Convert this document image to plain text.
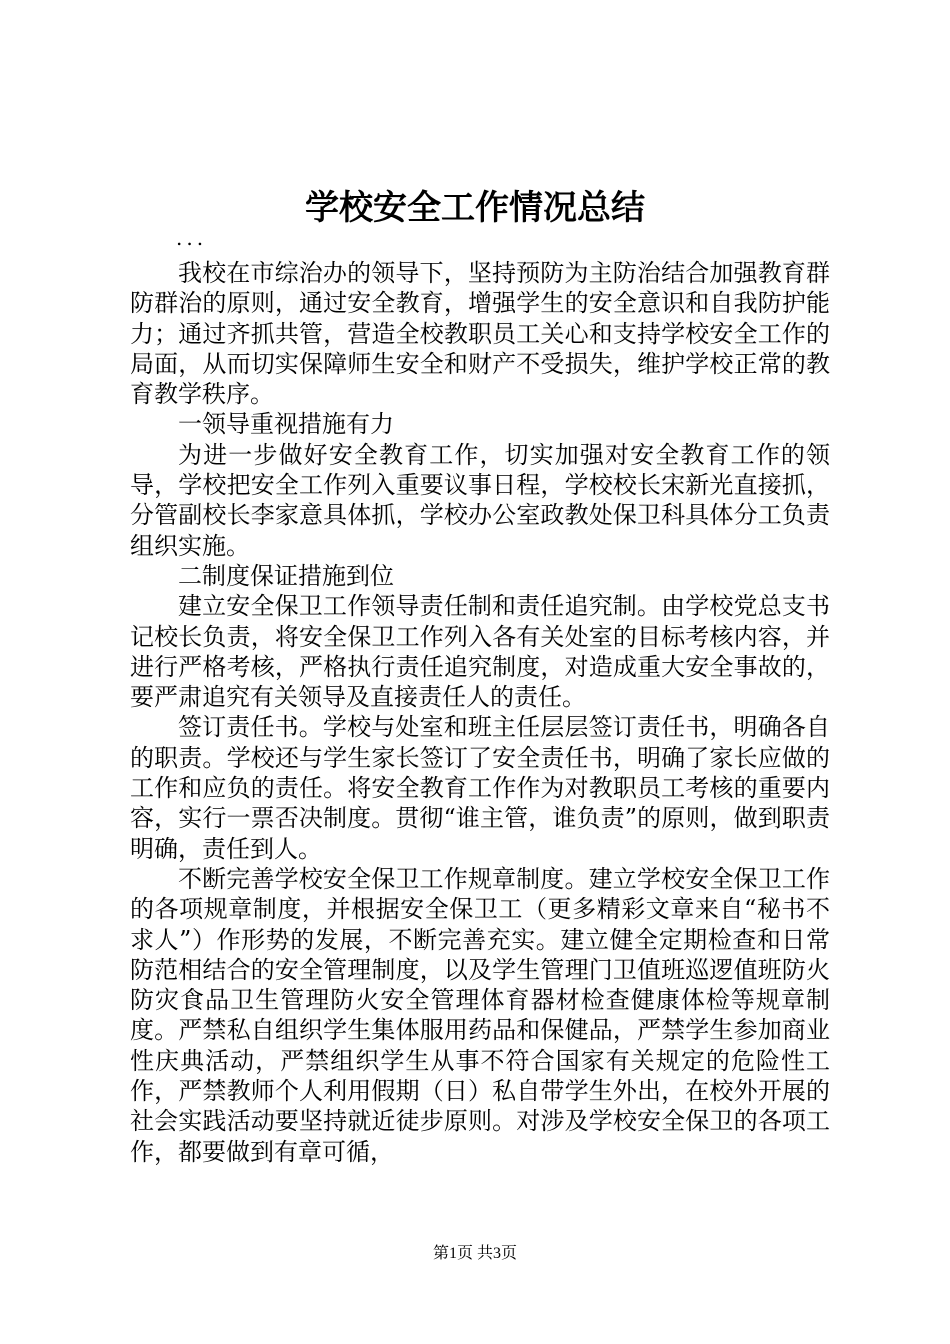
学校安全工作情况总结
...

我校在市综治办的领导下，坚持预防为主防治结合加强教育群防群治的原则，通过安全教育，增强学生的安全意识和自我防护能力；通过齐抓共管，营造全校教职员工关心和支持学校安全工作的局面，从而切实保障师生安全和财产不受损失，维护学校正常的教育教学秩序。

一领导重视措施有力

为进一步做好安全教育工作，切实加强对安全教育工作的领导，学校把安全工作列入重要议事日程，学校校长宋新光直接抓，分管副校长李家意具体抓，学校办公室政教处保卫科具体分工负责组织实施。

二制度保证措施到位

建立安全保卫工作领导责任制和责任追究制。由学校党总支书记校长负责，将安全保卫工作列入各有关处室的目标考核内容，并进行严格考核，严格执行责任追究制度，对造成重大安全事故的，要严肃追究有关领导及直接责任人的责任。

签订责任书。学校与处室和班主任层层签订责任书，明确各自的职责。学校还与学生家长签订了安全责任书，明确了家长应做的工作和应负的责任。将安全教育工作作为对教职员工考核的重要内容，实行一票否决制度。贯彻“谁主管，谁负责”的原则，做到职责明确，责任到人。

不断完善学校安全保卫工作规章制度。建立学校安全保卫工作的各项规章制度，并根据安全保卫工（更多精彩文章来自“秘书不求人”）作形势的发展，不断完善充实。建立健全定期检查和日常防范相结合的安全管理制度，以及学生管理门卫值班巡逻值班防火防灾食品卫生管理防火安全管理体育器材检查健康体检等规章制度。严禁私自组织学生集体服用药品和保健品，严禁学生参加商业性庆典活动，严禁组织学生从事不符合国家有关规定的危险性工作，严禁教师个人利用假期（日）私自带学生外出，在校外开展的社会实践活动要坚持就近徒步原则。对涉及学校安全保卫的各项工作，都要做到有章可循，

第1页 共3页
